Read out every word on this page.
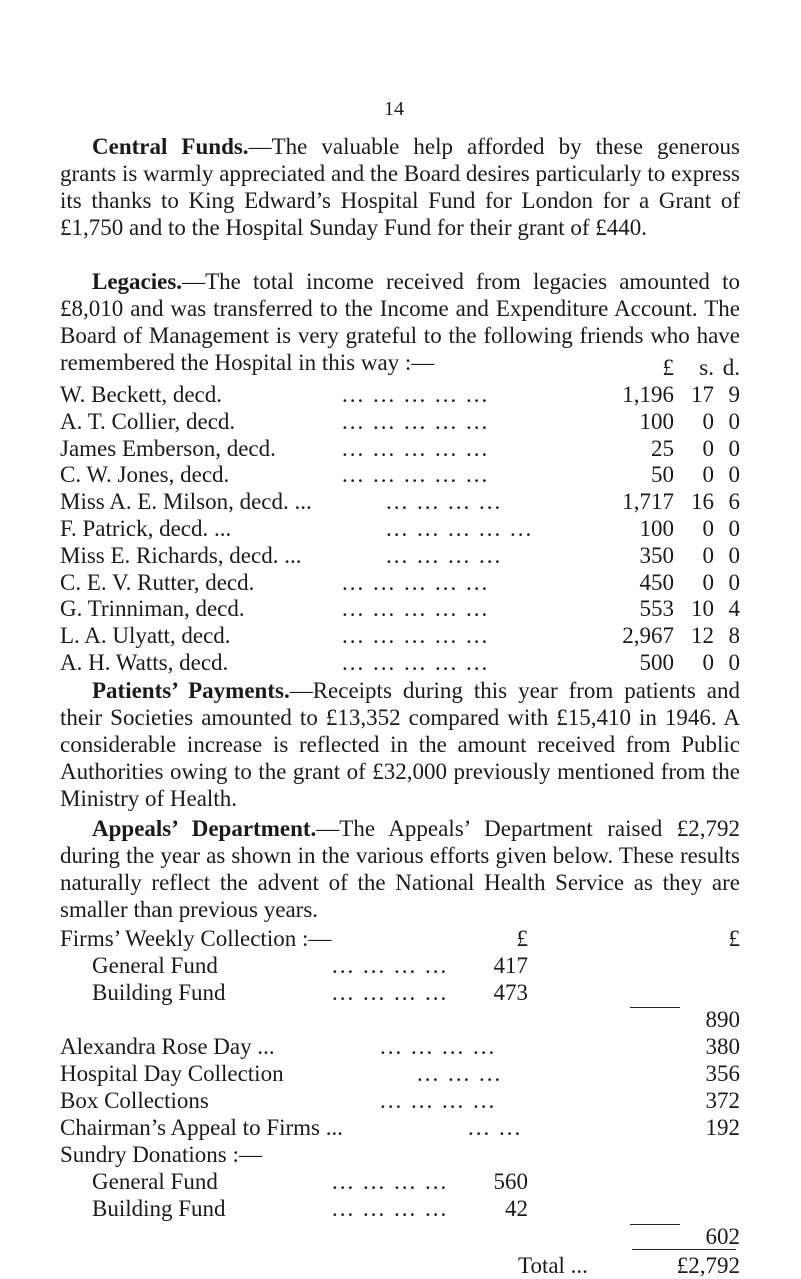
14

Central Funds.—The valuable help afforded by these generous grants is warmly appreciated and the Board desires particularly to express its thanks to King Edward’s Hospital Fund for London for a Grant of £1,750 and to the Hospital Sunday Fund for their grant of £440.

Legacies.—The total income received from legacies amounted to £8,010 and was transferred to the Income and Expenditure Account. The Board of Management is very grateful to the following friends who have remembered the Hospital in this way :—	£	s. d.
W. Beckett, decd.	... ... ... ... ...	1,196 17 9
A. T. Collier, decd.	... ... ... ... ...	100	0 0
James Emberson, decd.	... ... ... ... ...	25	0 0
C. W. Jones, decd.	... ... ... ... ...	50	0 0
Miss A. E. Milson, decd. ...	... ... ... ...	1,717 16 6
F. Patrick, decd. ...	... ... ... ... ...	100	0 0
Miss E. Richards, decd. ...	... ... ... ...	350	0 0
C. E. V. Rutter, decd.	... ... ... ... ...	450	0 0
G. Trinniman, decd.	... ... ... ... ...	553 10 4
L. A. Ulyatt, decd.	... ... ... ... ...	2,967 12 8
A. H. Watts, decd.	... ... ... ... ...	500	0 0

Patients’ Payments.—Receipts during this year from patients and their Societies amounted to £13,352 compared with £15,410 in 1946. A considerable increase is reflected in the amount received from Public Authorities owing to the grant of £32,000 previously mentioned from the Ministry of Health.

Appeals’ Department.—The Appeals’ Department raised £2,792 during the year as shown in the various efforts given below. These results naturally reflect the advent of the National Health Service as they are smaller than previous years.

Firms’ Weekly Collection :—	£	£
General Fund	... ... ... ...	417
Building Fund	... ... ... ...	473
890
Alexandra Rose Day ...	... ... ... ...	380
Hospital Day Collection	... ... ...	356
Box Collections	... ... ... ...	372
Chairman’s Appeal to Firms ...	... ...	192
Sundry Donations :—
General Fund	... ... ... ...	560
Building Fund	... ... ... ...	42
602
Total ...	£2,792
